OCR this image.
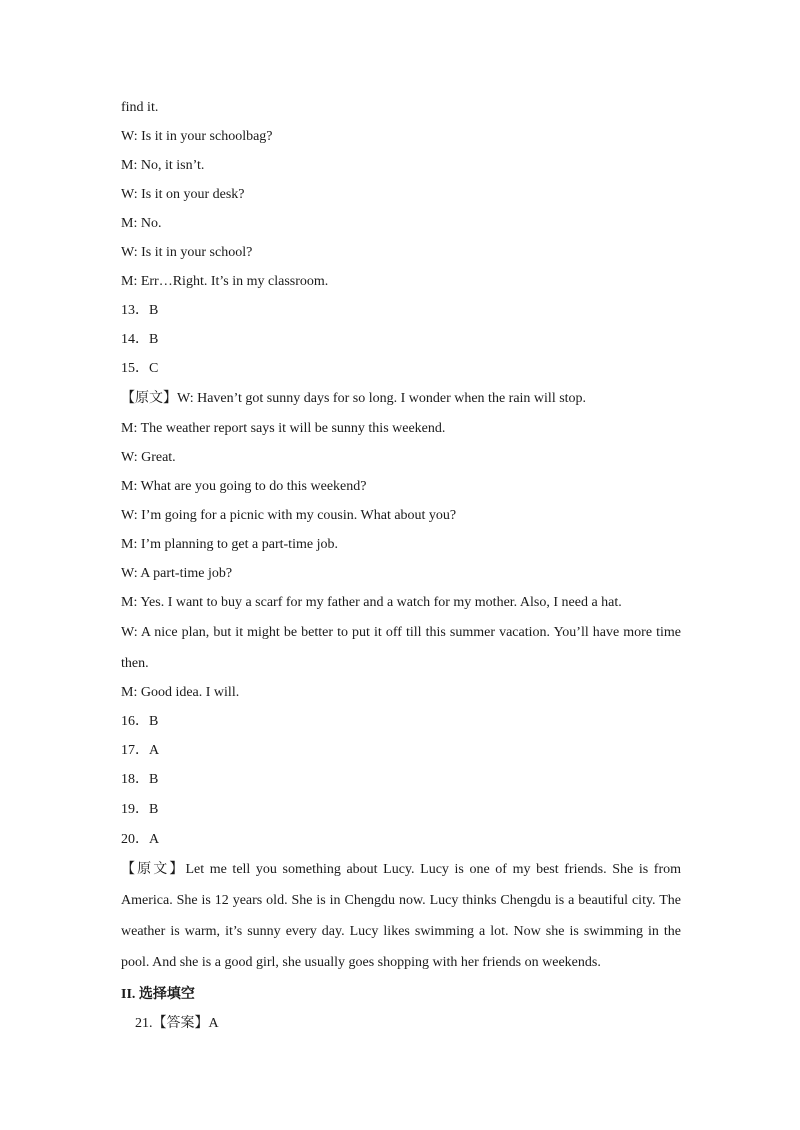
find it.
W: Is it in your schoolbag?
M: No, it isn’t.
W: Is it on your desk?
M: No.
W: Is it in your school?
M: Err…Right. It’s in my classroom.
13．B
14．B
15．C
【原文】W: Haven’t got sunny days for so long. I wonder when the rain will stop.
M: The weather report says it will be sunny this weekend.
W: Great.
M: What are you going to do this weekend?
W: I’m going for a picnic with my cousin. What about you?
M: I’m planning to get a part-time job.
W: A part-time job?
M: Yes. I want to buy a scarf for my father and a watch for my mother. Also, I need a hat.
W: A nice plan, but it might be better to put it off till this summer vacation. You’ll have more time then.
M: Good idea. I will.
16．B
17．A
18．B
19．B
20．A
【原文】Let me tell you something about Lucy. Lucy is one of my best friends. She is from America. She is 12 years old. She is in Chengdu now. Lucy thinks Chengdu is a beautiful city. The weather is warm, it’s sunny every day. Lucy likes swimming a lot. Now she is swimming in the pool. And she is a good girl, she usually goes shopping with her friends on weekends.
II. 选择填空
21.【答案】A
